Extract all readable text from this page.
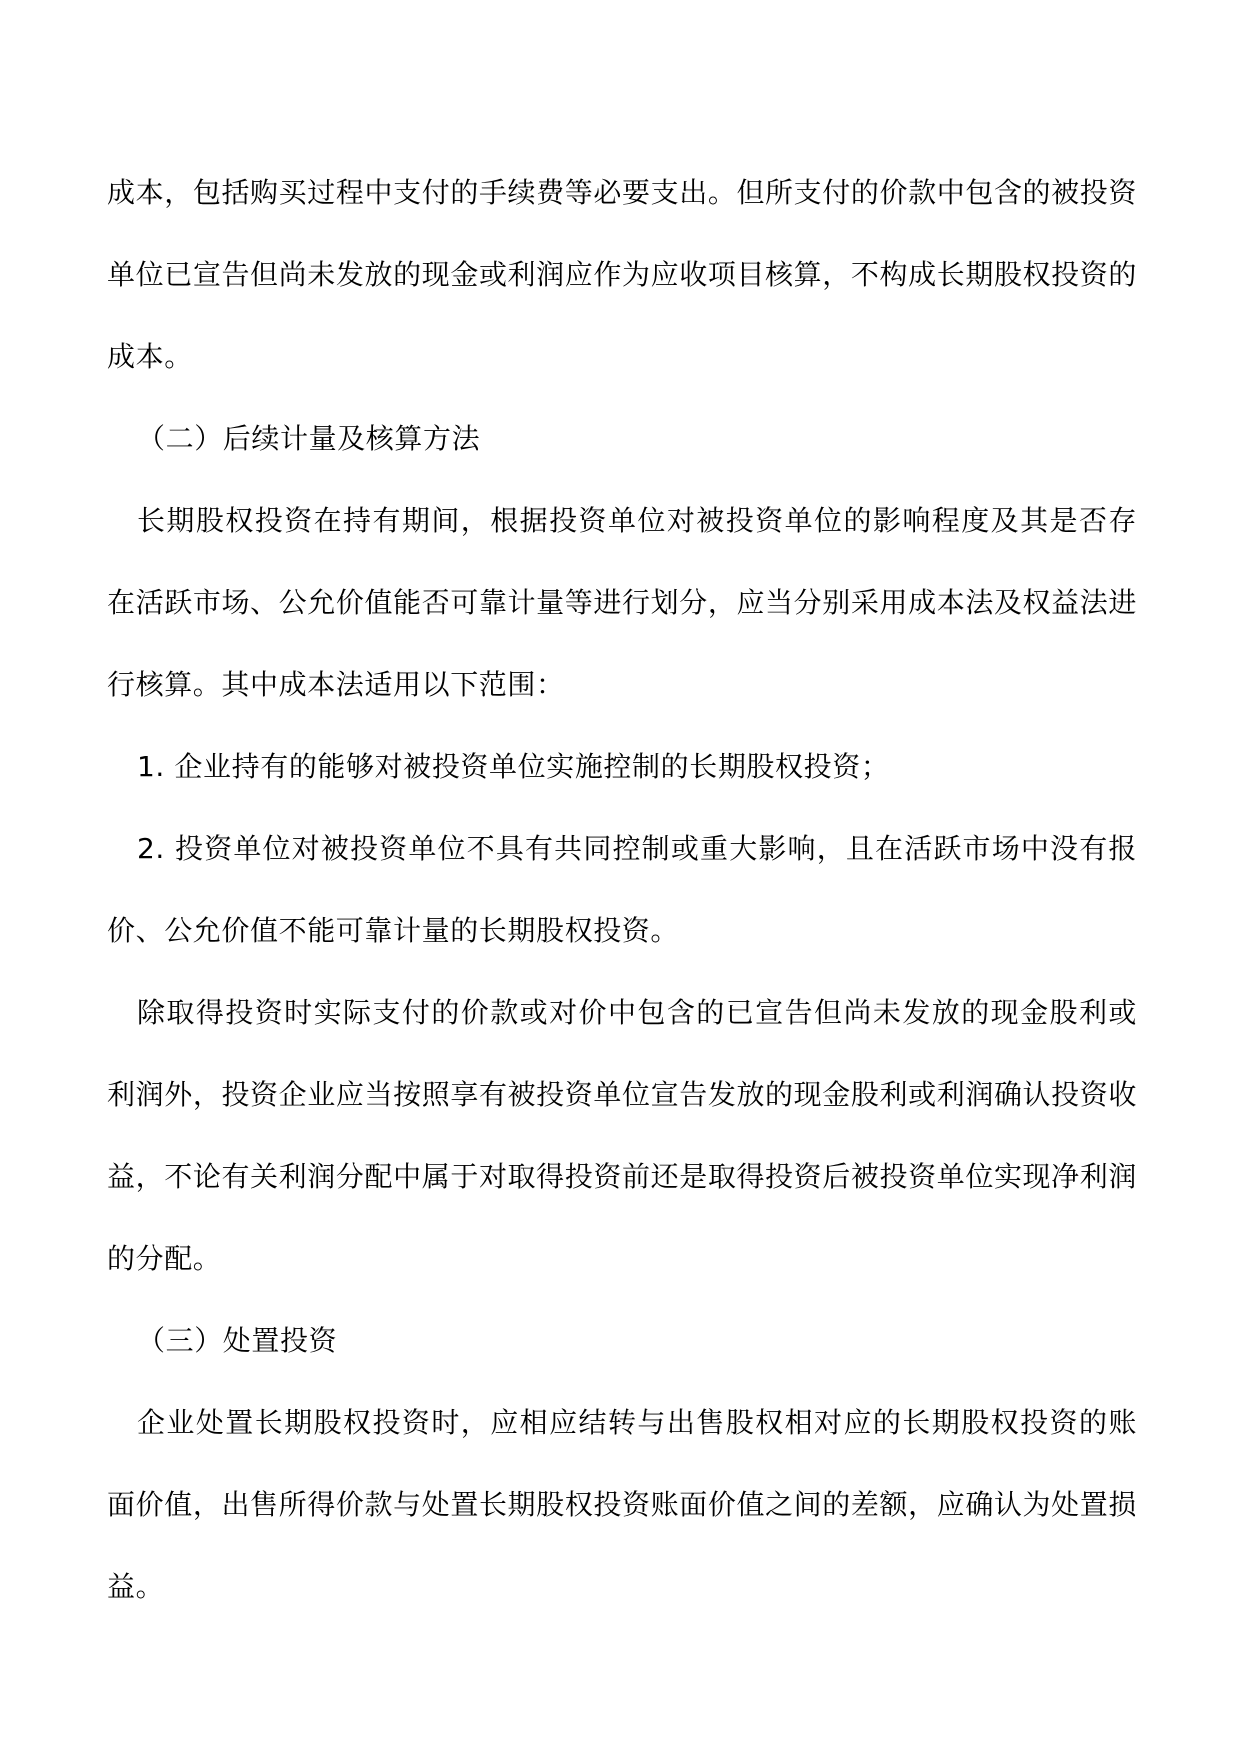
成本，包括购买过程中支付的手续费等必要支出。但所支付的价款中包含的被投资单位已宣告但尚未发放的现金或利润应作为应收项目核算，不构成长期股权投资的成本。

（二）后续计量及核算方法

长期股权投资在持有期间，根据投资单位对被投资单位的影响程度及其是否存在活跃市场、公允价值能否可靠计量等进行划分，应当分别采用成本法及权益法进行核算。其中成本法适用以下范围：

1. 企业持有的能够对被投资单位实施控制的长期股权投资；

2. 投资单位对被投资单位不具有共同控制或重大影响，且在活跃市场中没有报价、公允价值不能可靠计量的长期股权投资。

除取得投资时实际支付的价款或对价中包含的已宣告但尚未发放的现金股利或利润外，投资企业应当按照享有被投资单位宣告发放的现金股利或利润确认投资收益，不论有关利润分配中属于对取得投资前还是取得投资后被投资单位实现净利润的分配。

（三）处置投资

企业处置长期股权投资时，应相应结转与出售股权相对应的长期股权投资的账面价值，出售所得价款与处置长期股权投资账面价值之间的差额，应确认为处置损益。
